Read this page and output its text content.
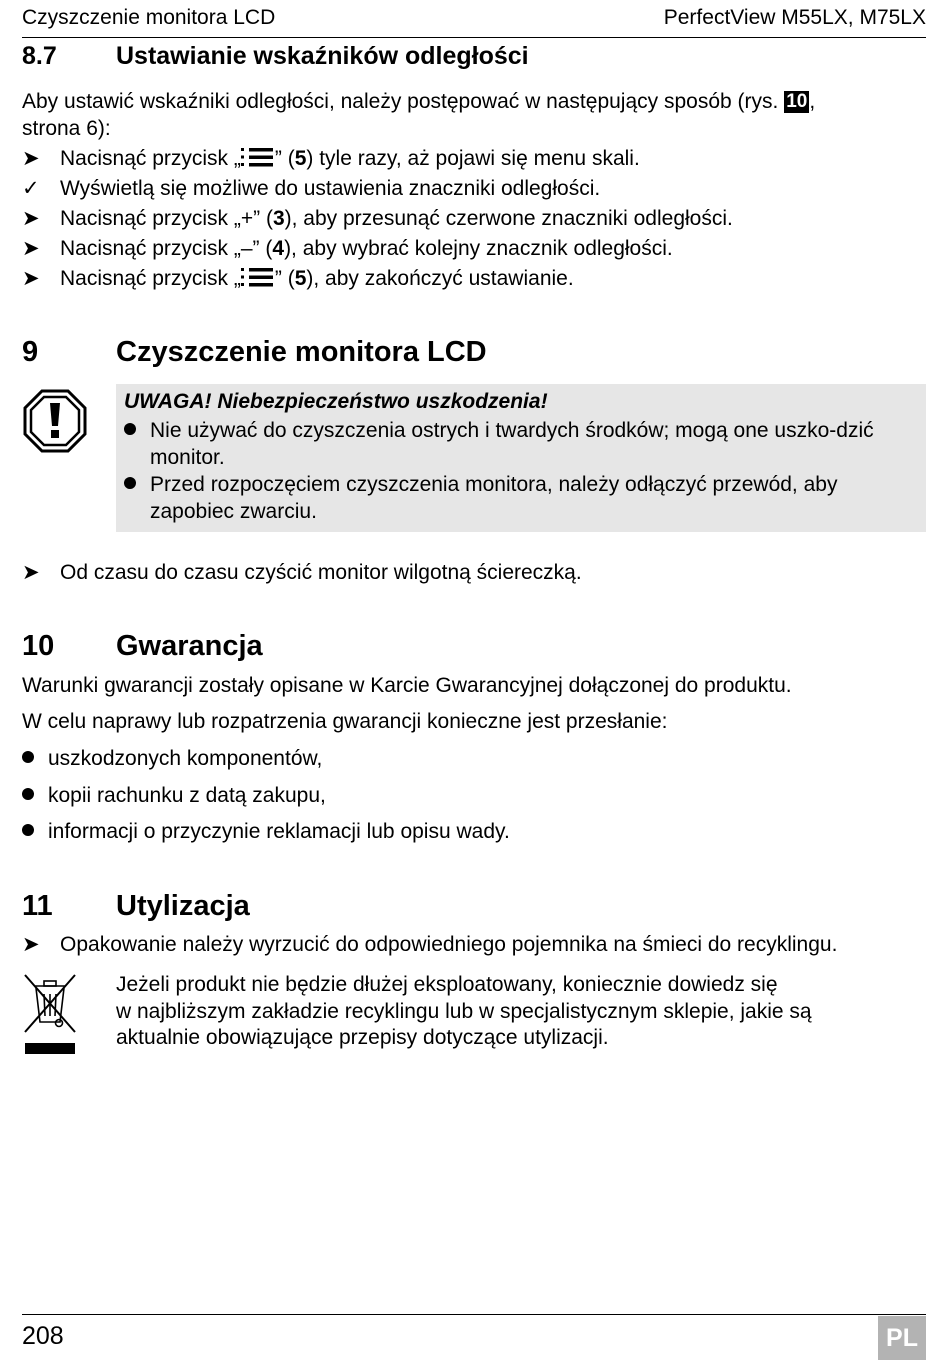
Czyszczenie monitora LCD	PerfectView M55LX, M75LX
8.7 Ustawianie wskaźników odległości
Aby ustawić wskaźniki odległości, należy postępować w następujący sposób (rys. 10,
strona 6):
➤ Nacisnąć przycisk „ ” (5) tyle razy, aż pojawi się menu skali.
✓ Wyświetlą się możliwe do ustawienia znaczniki odległości.
➤ Nacisnąć przycisk „+” (3), aby przesunąć czerwone znaczniki odległości.
➤ Nacisnąć przycisk „–” (4), aby wybrać kolejny znacznik odległości.
➤ Nacisnąć przycisk „ ” (5), aby zakończyć ustawianie.
9	Czyszczenie monitora LCD
UWAGA! Niebezpieczeństwo uszkodzenia!
Nie używać do czyszczenia ostrych i twardych środków; mogą one uszko-dzić monitor.
Przed rozpoczęciem czyszczenia monitora, należy odłączyć przewód, aby zapobiec zwarciu.
➤ Od czasu do czasu czyścić monitor wilgotną ściereczką.
10 Gwarancja
Warunki gwarancji zostały opisane w Karcie Gwarancyjnej dołączonej do produktu.
W celu naprawy lub rozpatrzenia gwarancji konieczne jest przesłanie:
uszkodzonych komponentów,
kopii rachunku z datą zakupu,
informacji o przyczynie reklamacji lub opisu wady.
11 Utylizacja
➤ Opakowanie należy wyrzucić do odpowiedniego pojemnika na śmieci do recyklingu.
Jeżeli produkt nie będzie dłużej eksploatowany, koniecznie dowiedz się
w najbliższym zakładzie recyklingu lub w specjalistycznym sklepie, jakie są
aktualnie obowiązujące przepisy dotyczące utylizacji.
208	PL
